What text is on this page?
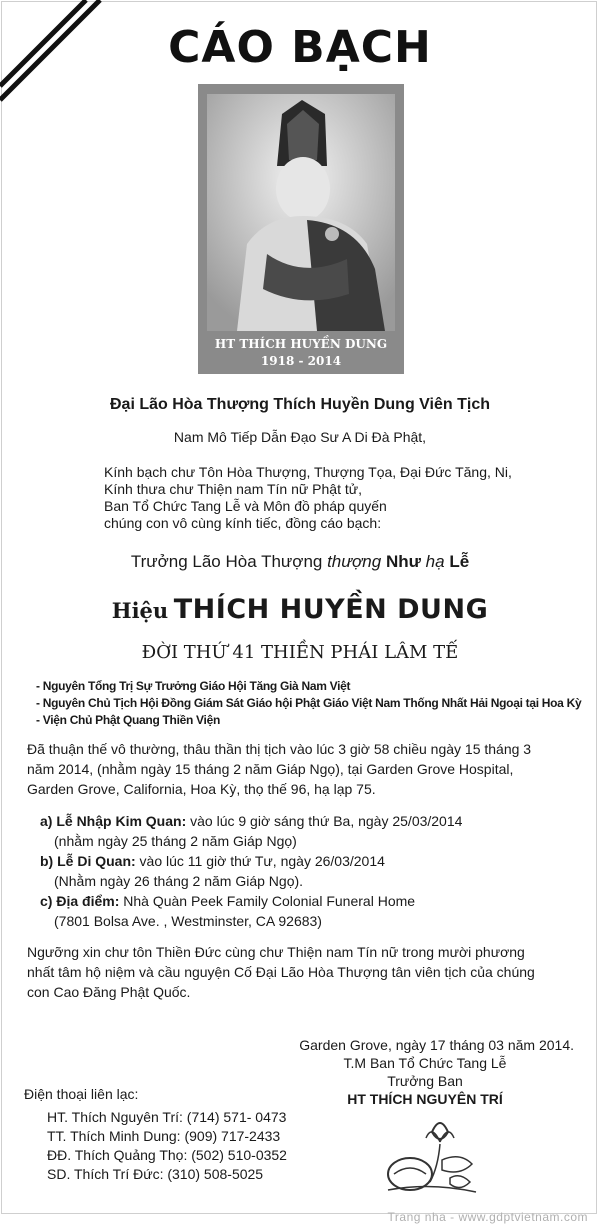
CÁO BẠCH
HT THÍCH HUYỀN DUNG
1918 - 2014
Đại Lão Hòa Thượng Thích Huyền Dung Viên Tịch
Nam Mô Tiếp Dẫn Đạo Sư A Di Đà Phật,
Kính bạch chư Tôn Hòa Thượng, Thượng Tọa, Đại Đức Tăng, Ni,
Kính thưa chư Thiện nam Tín nữ Phật tử,
Ban Tổ Chức Tang Lễ và Môn đồ pháp quyến
chúng con vô cùng kính tiếc, đồng cáo bạch:
Trưởng Lão Hòa Thượng thượng Như hạ Lễ
Hiệu THÍCH HUYỀN DUNG
ĐỜI THỨ 41 THIỀN PHÁI LÂM TẾ
- Nguyên Tổng Trị Sự Trưởng Giáo Hội Tăng Già Nam Việt
- Nguyên Chủ Tịch Hội Đồng Giám Sát Giáo hội Phật Giáo Việt Nam Thống Nhất Hải Ngoại tại Hoa Kỳ
- Viện Chủ Phật Quang Thiền Viện
Đã thuận thế vô thường, thâu thần thị tịch vào lúc 3 giờ 58 chiều ngày 15 tháng 3
năm 2014, (nhằm ngày 15 tháng 2 năm Giáp Ngọ), tại Garden Grove Hospital,
Garden Grove, California, Hoa Kỳ, thọ thế 96, hạ lạp 75.
a) Lễ Nhập Kim Quan: vào lúc 9 giờ sáng thứ Ba, ngày 25/03/2014
(nhằm ngày 25 tháng 2 năm Giáp Ngọ)
b) Lễ Di Quan: vào lúc 11 giờ thứ Tư, ngày 26/03/2014
(Nhằm ngày 26 tháng 2 năm Giáp Ngọ).
c) Địa điểm: Nhà Quàn Peek Family Colonial Funeral Home
(7801 Bolsa Ave. , Westminster, CA 92683)
Ngưỡng xin chư tôn Thiền Đức cùng chư Thiện nam Tín nữ trong mười phương
nhất tâm hộ niệm và cầu nguyện Cố Đại Lão Hòa Thượng tân viên tịch của chúng
con Cao Đăng Phật Quốc.
Garden Grove, ngày 17 tháng 03 năm 2014.
T.M Ban Tổ Chức Tang Lễ
Trưởng Ban
HT THÍCH NGUYÊN TRÍ
Điện thoại liên lạc:
HT. Thích Nguyên Trí: (714) 571- 0473
TT. Thích Minh Dung: (909) 717-2433
ĐĐ. Thích Quảng Thọ: (502) 510-0352
SD. Thích Trí Đức: (310) 508-5025
Trang nha - www.gdptvietnam.com
